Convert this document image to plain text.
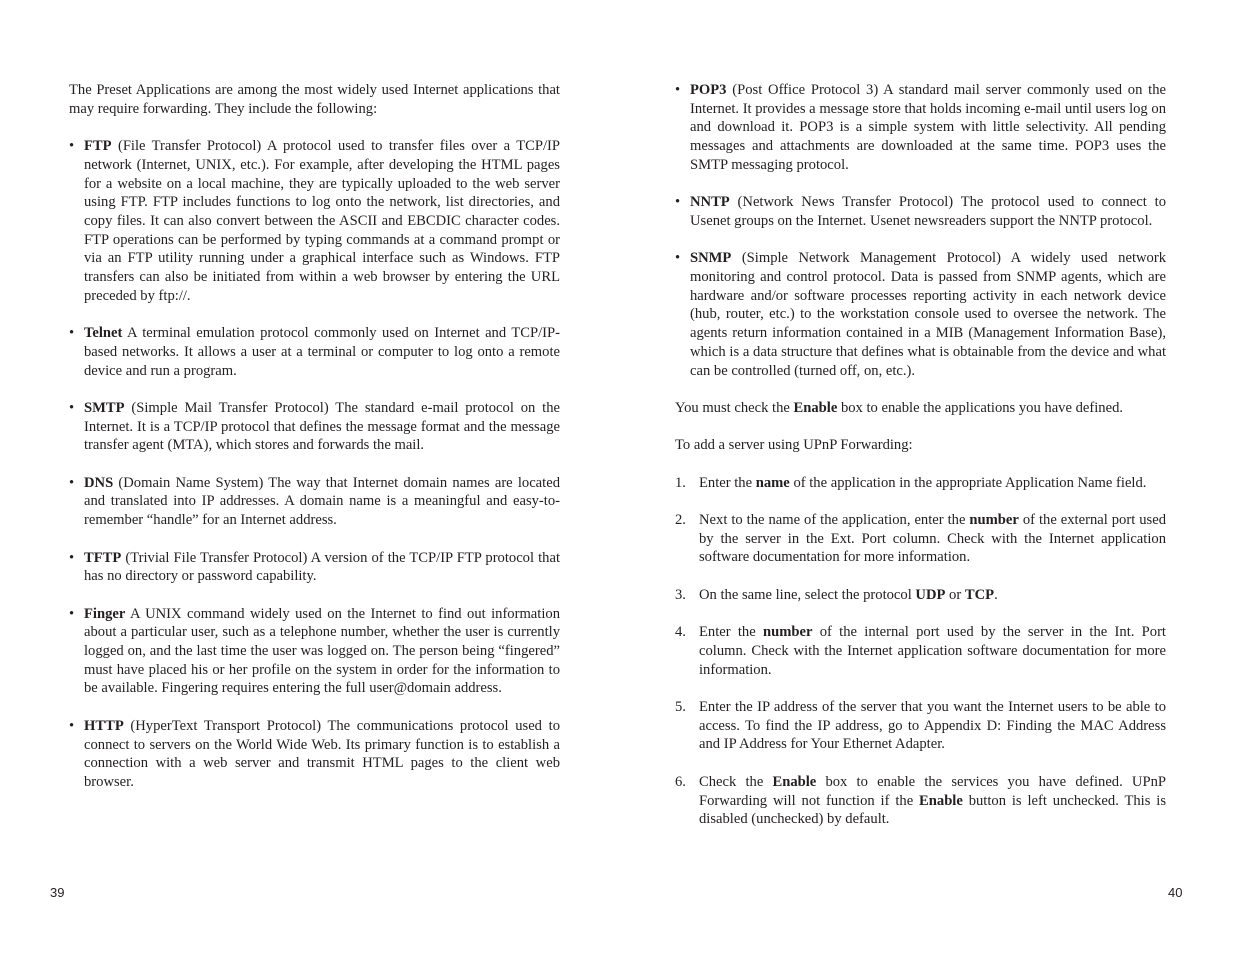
The Preset Applications are among the most widely used Internet applications that may require forwarding. They include the following:

• FTP (File Transfer Protocol) A protocol used to transfer files over a TCP/IP network (Internet, UNIX, etc.). For example, after developing the HTML pages for a website on a local machine, they are typically uploaded to the web server using FTP. FTP includes functions to log onto the network, list directories, and copy files. It can also convert between the ASCII and EBCDIC character codes. FTP operations can be performed by typing commands at a command prompt or via an FTP utility running under a graphical interface such as Windows. FTP transfers can also be initiated from within a web browser by entering the URL preceded by ftp://.
• Telnet A terminal emulation protocol commonly used on Internet and TCP/IP-based networks. It allows a user at a terminal or computer to log onto a remote device and run a program.
• SMTP (Simple Mail Transfer Protocol) The standard e-mail protocol on the Internet. It is a TCP/IP protocol that defines the message format and the message transfer agent (MTA), which stores and forwards the mail.
• DNS (Domain Name System) The way that Internet domain names are located and translated into IP addresses. A domain name is a meaningful and easy-to-remember “handle” for an Internet address.
• TFTP (Trivial File Transfer Protocol) A version of the TCP/IP FTP protocol that has no directory or password capability.
• Finger A UNIX command widely used on the Internet to find out information about a particular user, such as a telephone number, whether the user is currently logged on, and the last time the user was logged on. The person being “fingered” must have placed his or her profile on the system in order for the information to be available. Fingering requires entering the full user@domain address.
• HTTP (HyperText Transport Protocol) The communications protocol used to connect to servers on the World Wide Web. Its primary function is to establish a connection with a web server and transmit HTML pages to the client web browser.
• POP3 (Post Office Protocol 3) A standard mail server commonly used on the Internet. It provides a message store that holds incoming e-mail until users log on and download it. POP3 is a simple system with little selectivity. All pending messages and attachments are downloaded at the same time. POP3 uses the SMTP messaging protocol.
• NNTP (Network News Transfer Protocol) The protocol used to connect to Usenet groups on the Internet. Usenet newsreaders support the NNTP protocol.
• SNMP (Simple Network Management Protocol) A widely used network monitoring and control protocol. Data is passed from SNMP agents, which are hardware and/or software processes reporting activity in each network device (hub, router, etc.) to the workstation console used to oversee the network. The agents return information contained in a MIB (Management Information Base), which is a data structure that defines what is obtainable from the device and what can be controlled (turned off, on, etc.).

You must check the Enable box to enable the applications you have defined.

To add a server using UPnP Forwarding:

1. Enter the name of the application in the appropriate Application Name field.
2. Next to the name of the application, enter the number of the external port used by the server in the Ext. Port column. Check with the Internet application software documentation for more information.
3. On the same line, select the protocol UDP or TCP.
4. Enter the number of the internal port used by the server in the Int. Port column. Check with the Internet application software documentation for more information.
5. Enter the IP address of the server that you want the Internet users to be able to access. To find the IP address, go to Appendix D: Finding the MAC Address and IP Address for Your Ethernet Adapter.
6. Check the Enable box to enable the services you have defined. UPnP Forwarding will not function if the Enable button is left unchecked. This is disabled (unchecked) by default.
39	40
